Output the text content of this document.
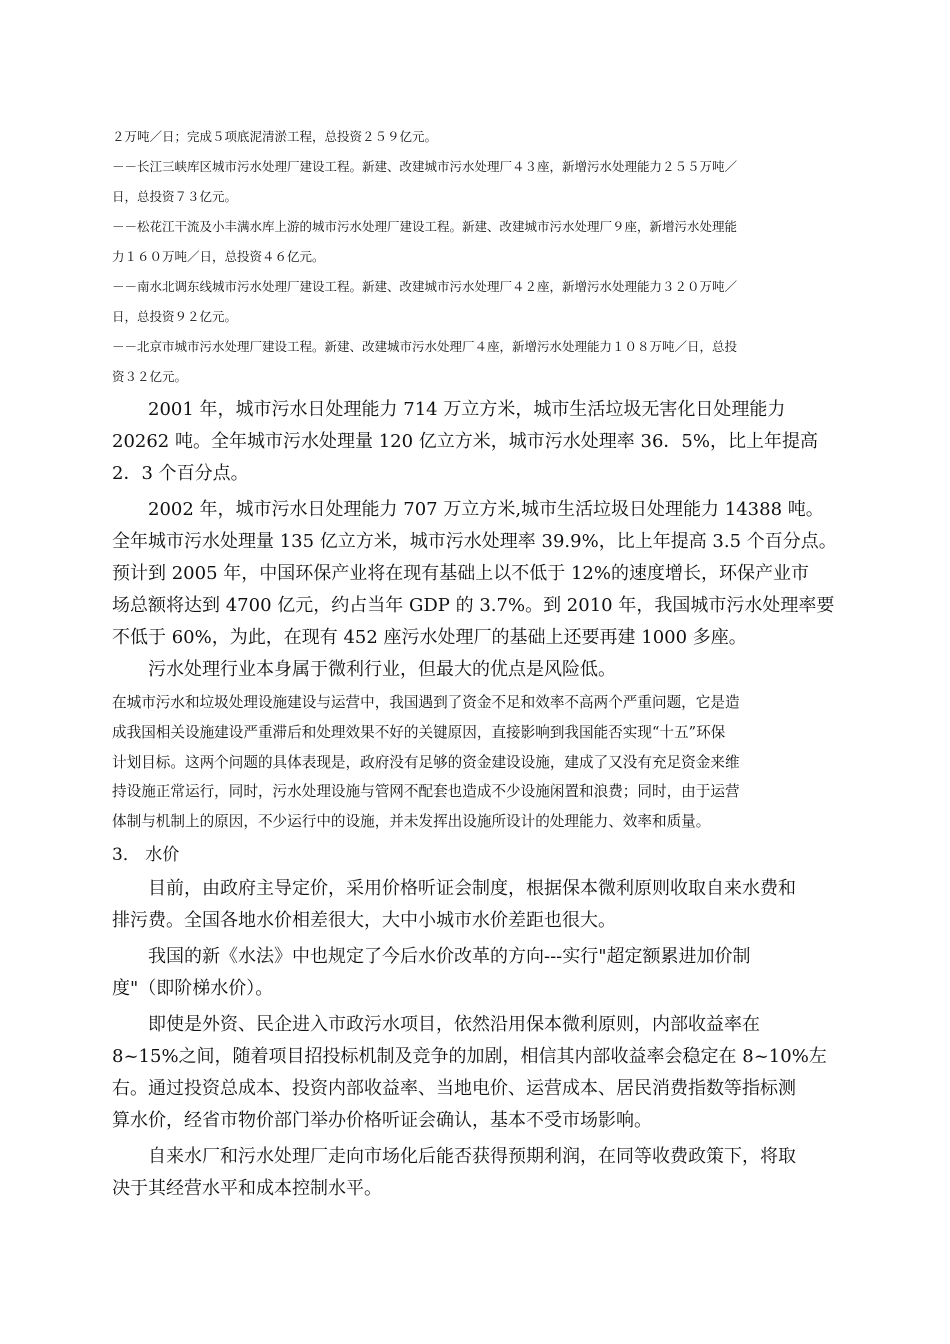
２万吨／日；完成５项底泥清淤工程，总投资２５９亿元。
－－长江三峡库区城市污水处理厂建设工程。新建、改建城市污水处理厂４３座，新增污水处理能力２５５万吨／
日，总投资７３亿元。
－－松花江干流及小丰满水库上游的城市污水处理厂建设工程。新建、改建城市污水处理厂９座，新增污水处理能
力１６０万吨／日，总投资４６亿元。
－－南水北调东线城市污水处理厂建设工程。新建、改建城市污水处理厂４２座，新增污水处理能力３２０万吨／
日，总投资９２亿元。
－－北京市城市污水处理厂建设工程。新建、改建城市污水处理厂４座，新增污水处理能力１０８万吨／日，总投
资３２亿元。
2001 年，城市污水日处理能力 714 万立方米，城市生活垃圾无害化日处理能力
20262 吨。全年城市污水处理量 120 亿立方米，城市污水处理率 36．5%，比上年提高
2．3 个百分点。
2002 年，城市污水日处理能力 707 万立方米,城市生活垃圾日处理能力 14388 吨。
全年城市污水处理量 135 亿立方米，城市污水处理率 39.9%，比上年提高 3.5 个百分点。
预计到 2005 年，中国环保产业将在现有基础上以不低于 12%的速度增长，环保产业市
场总额将达到 4700 亿元，约占当年 GDP 的 3.7%。到 2010 年，我国城市污水处理率要
不低于 60%，为此，在现有 452 座污水处理厂的基础上还要再建 1000 多座。
污水处理行业本身属于微利行业，但最大的优点是风险低。
在城市污水和垃圾处理设施建设与运营中，我国遇到了资金不足和效率不高两个严重问题，它是造
成我国相关设施建设严重滞后和处理效果不好的关键原因，直接影响到我国能否实现“十五”环保
计划目标。这两个问题的具体表现是，政府没有足够的资金建设设施，建成了又没有充足资金来维
持设施正常运行，同时，污水处理设施与管网不配套也造成不少设施闲置和浪费；同时，由于运营
体制与机制上的原因，不少运行中的设施，并未发挥出设施所设计的处理能力、效率和质量。
3． 水价
目前，由政府主导定价，采用价格听证会制度，根据保本微利原则收取自来水费和
排污费。全国各地水价相差很大，大中小城市水价差距也很大。
我国的新《水法》中也规定了今后水价改革的方向---实行"超定额累进加价制
度"（即阶梯水价）。
即使是外资、民企进入市政污水项目，依然沿用保本微利原则，内部收益率在
8~15%之间，随着项目招投标机制及竞争的加剧，相信其内部收益率会稳定在 8~10%左
右。通过投资总成本、投资内部收益率、当地电价、运营成本、居民消费指数等指标测
算水价，经省市物价部门举办价格听证会确认，基本不受市场影响。
自来水厂和污水处理厂走向市场化后能否获得预期利润，在同等收费政策下，将取
决于其经营水平和成本控制水平。
